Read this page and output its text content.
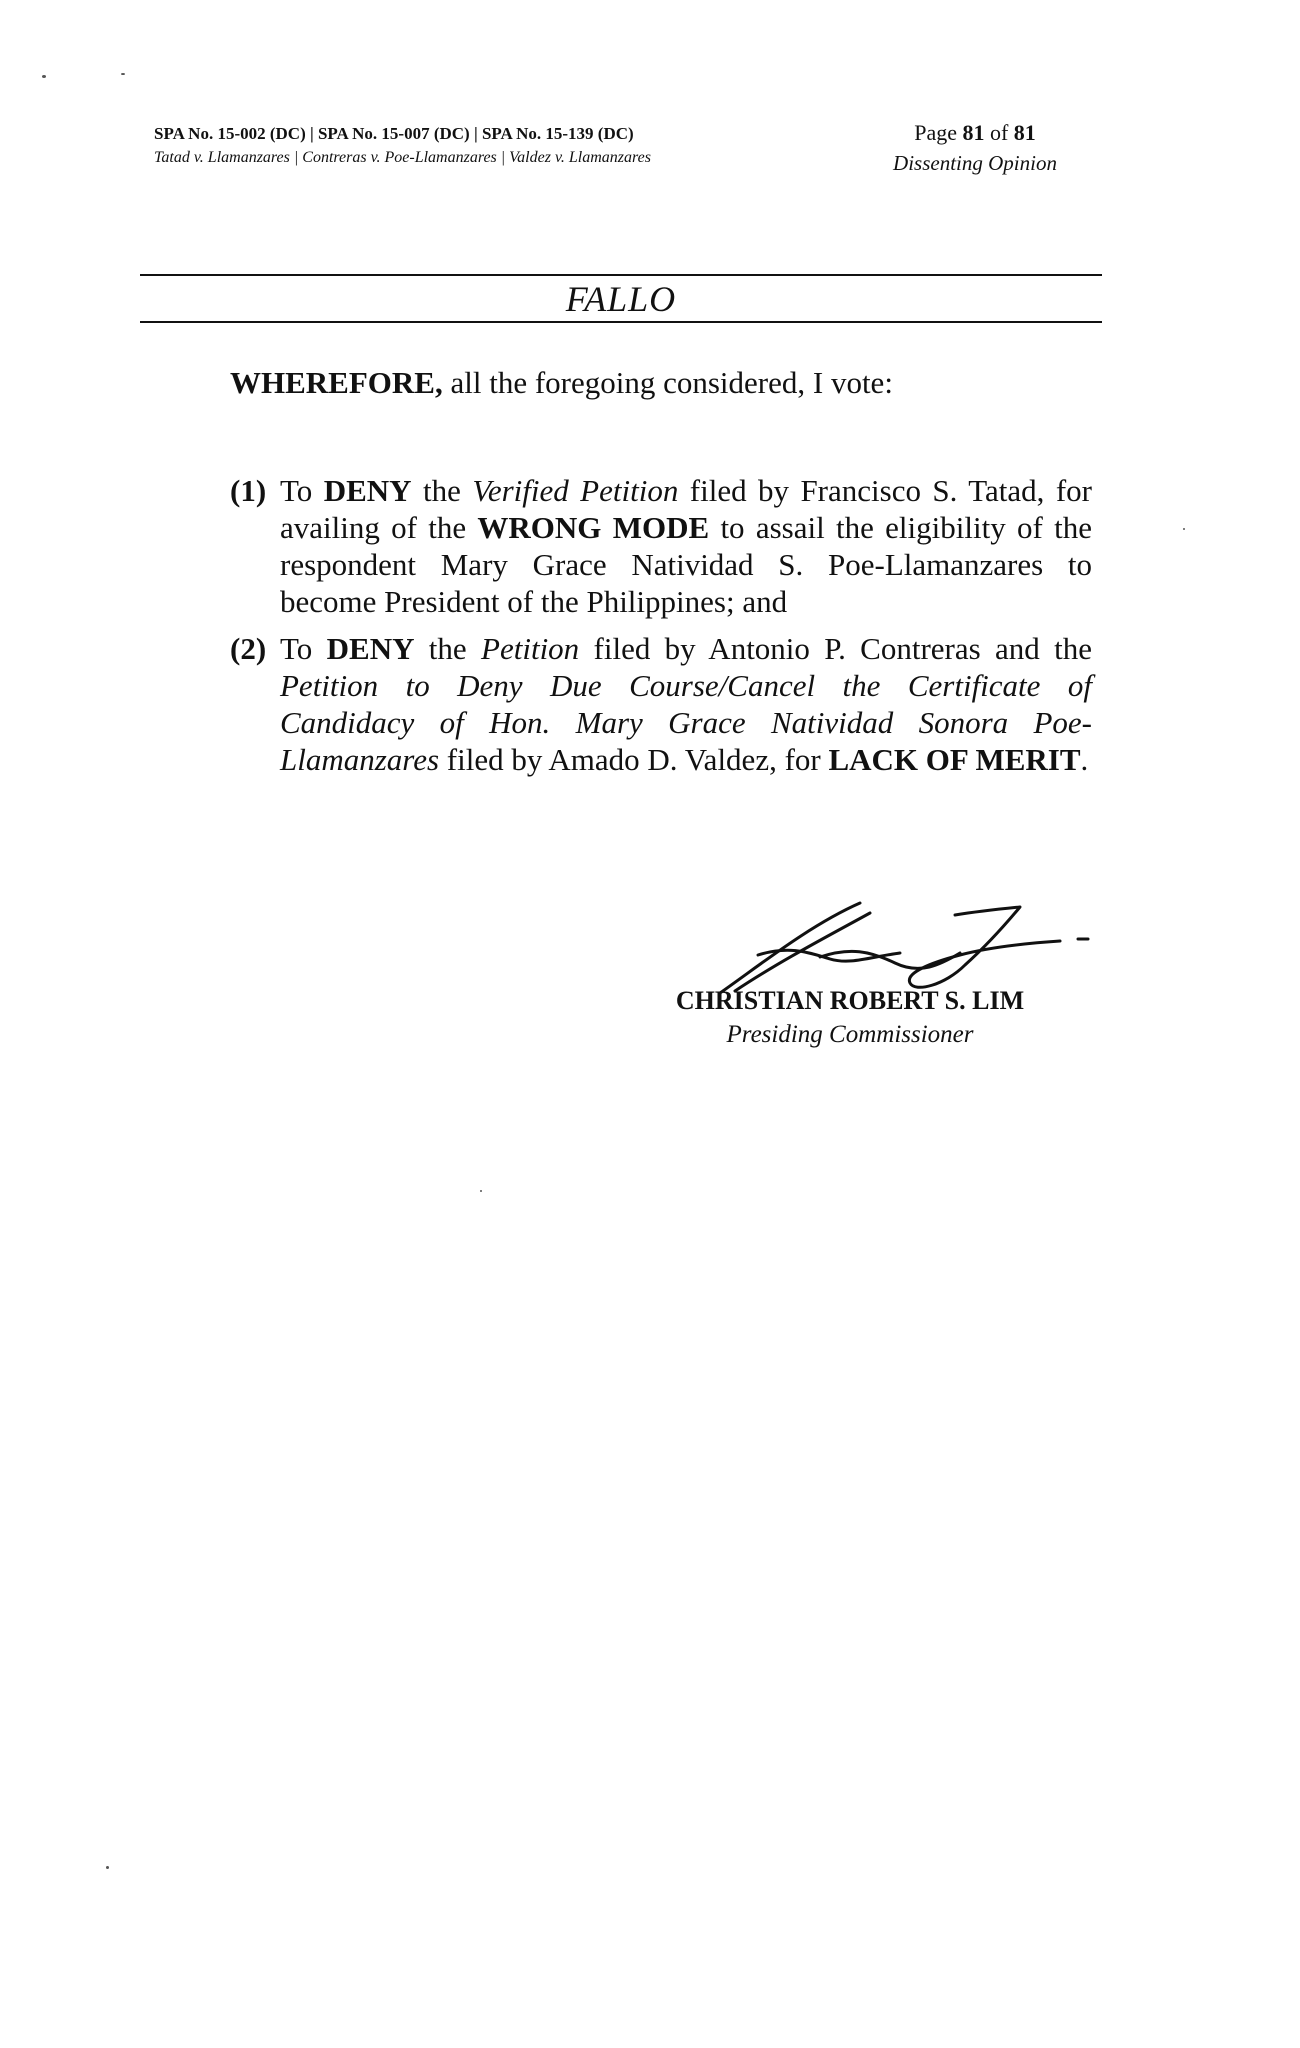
SPA No. 15-002 (DC) | SPA No. 15-007 (DC) | SPA No. 15-139 (DC)
Tatad v. Llamanzares | Contreras v. Poe-Llamanzares | Valdez v. Llamanzares
Page 81 of 81
Dissenting Opinion
FALLO
WHEREFORE, all the foregoing considered, I vote:
(1) To DENY the Verified Petition filed by Francisco S. Tatad, for availing of the WRONG MODE to assail the eligibility of the respondent Mary Grace Natividad S. Poe-Llamanzares to become President of the Philippines; and
(2) To DENY the Petition filed by Antonio P. Contreras and the Petition to Deny Due Course/Cancel the Certificate of Candidacy of Hon. Mary Grace Natividad Sonora Poe-Llamanzares filed by Amado D. Valdez, for LACK OF MERIT.
CHRISTIAN ROBERT S. LIM
Presiding Commissioner
